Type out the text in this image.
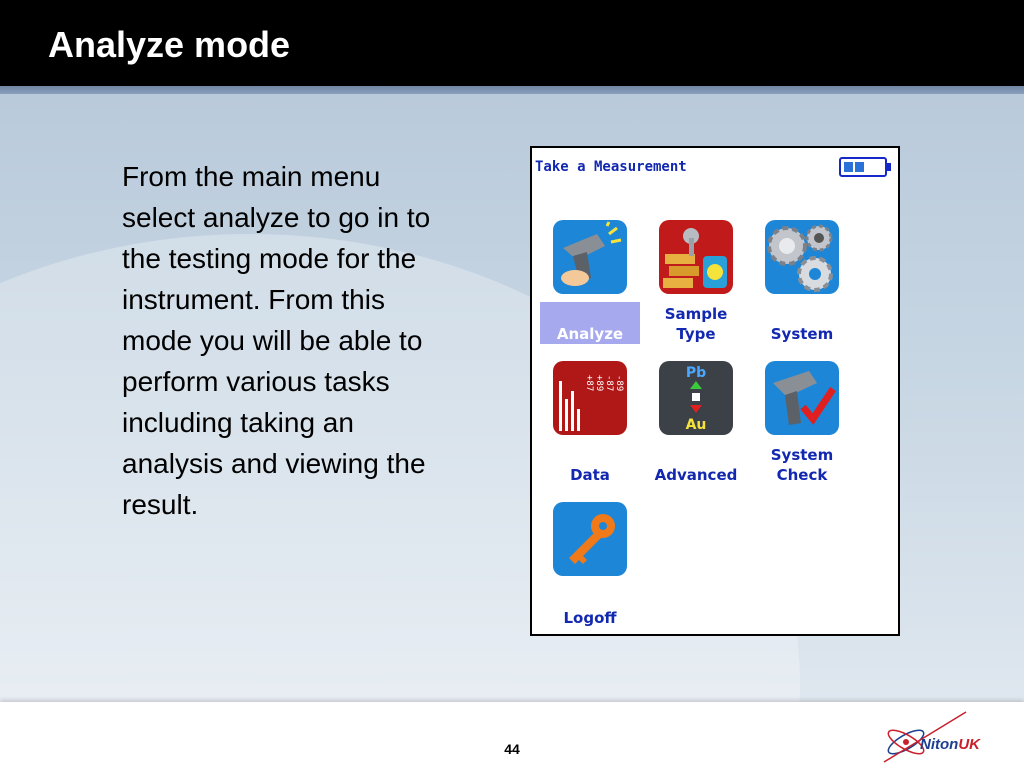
Analyze mode
From the main menu select analyze to go in to the testing mode for the instrument. From this mode you will be able to perform various tasks including taking an analysis and viewing the result.
Take a Measurement
Analyze
Sample
Type	System
+87 +89 -87 -89
Data
Pb
Au
Advanced
System
Check
Logoff
44	NitonUK
